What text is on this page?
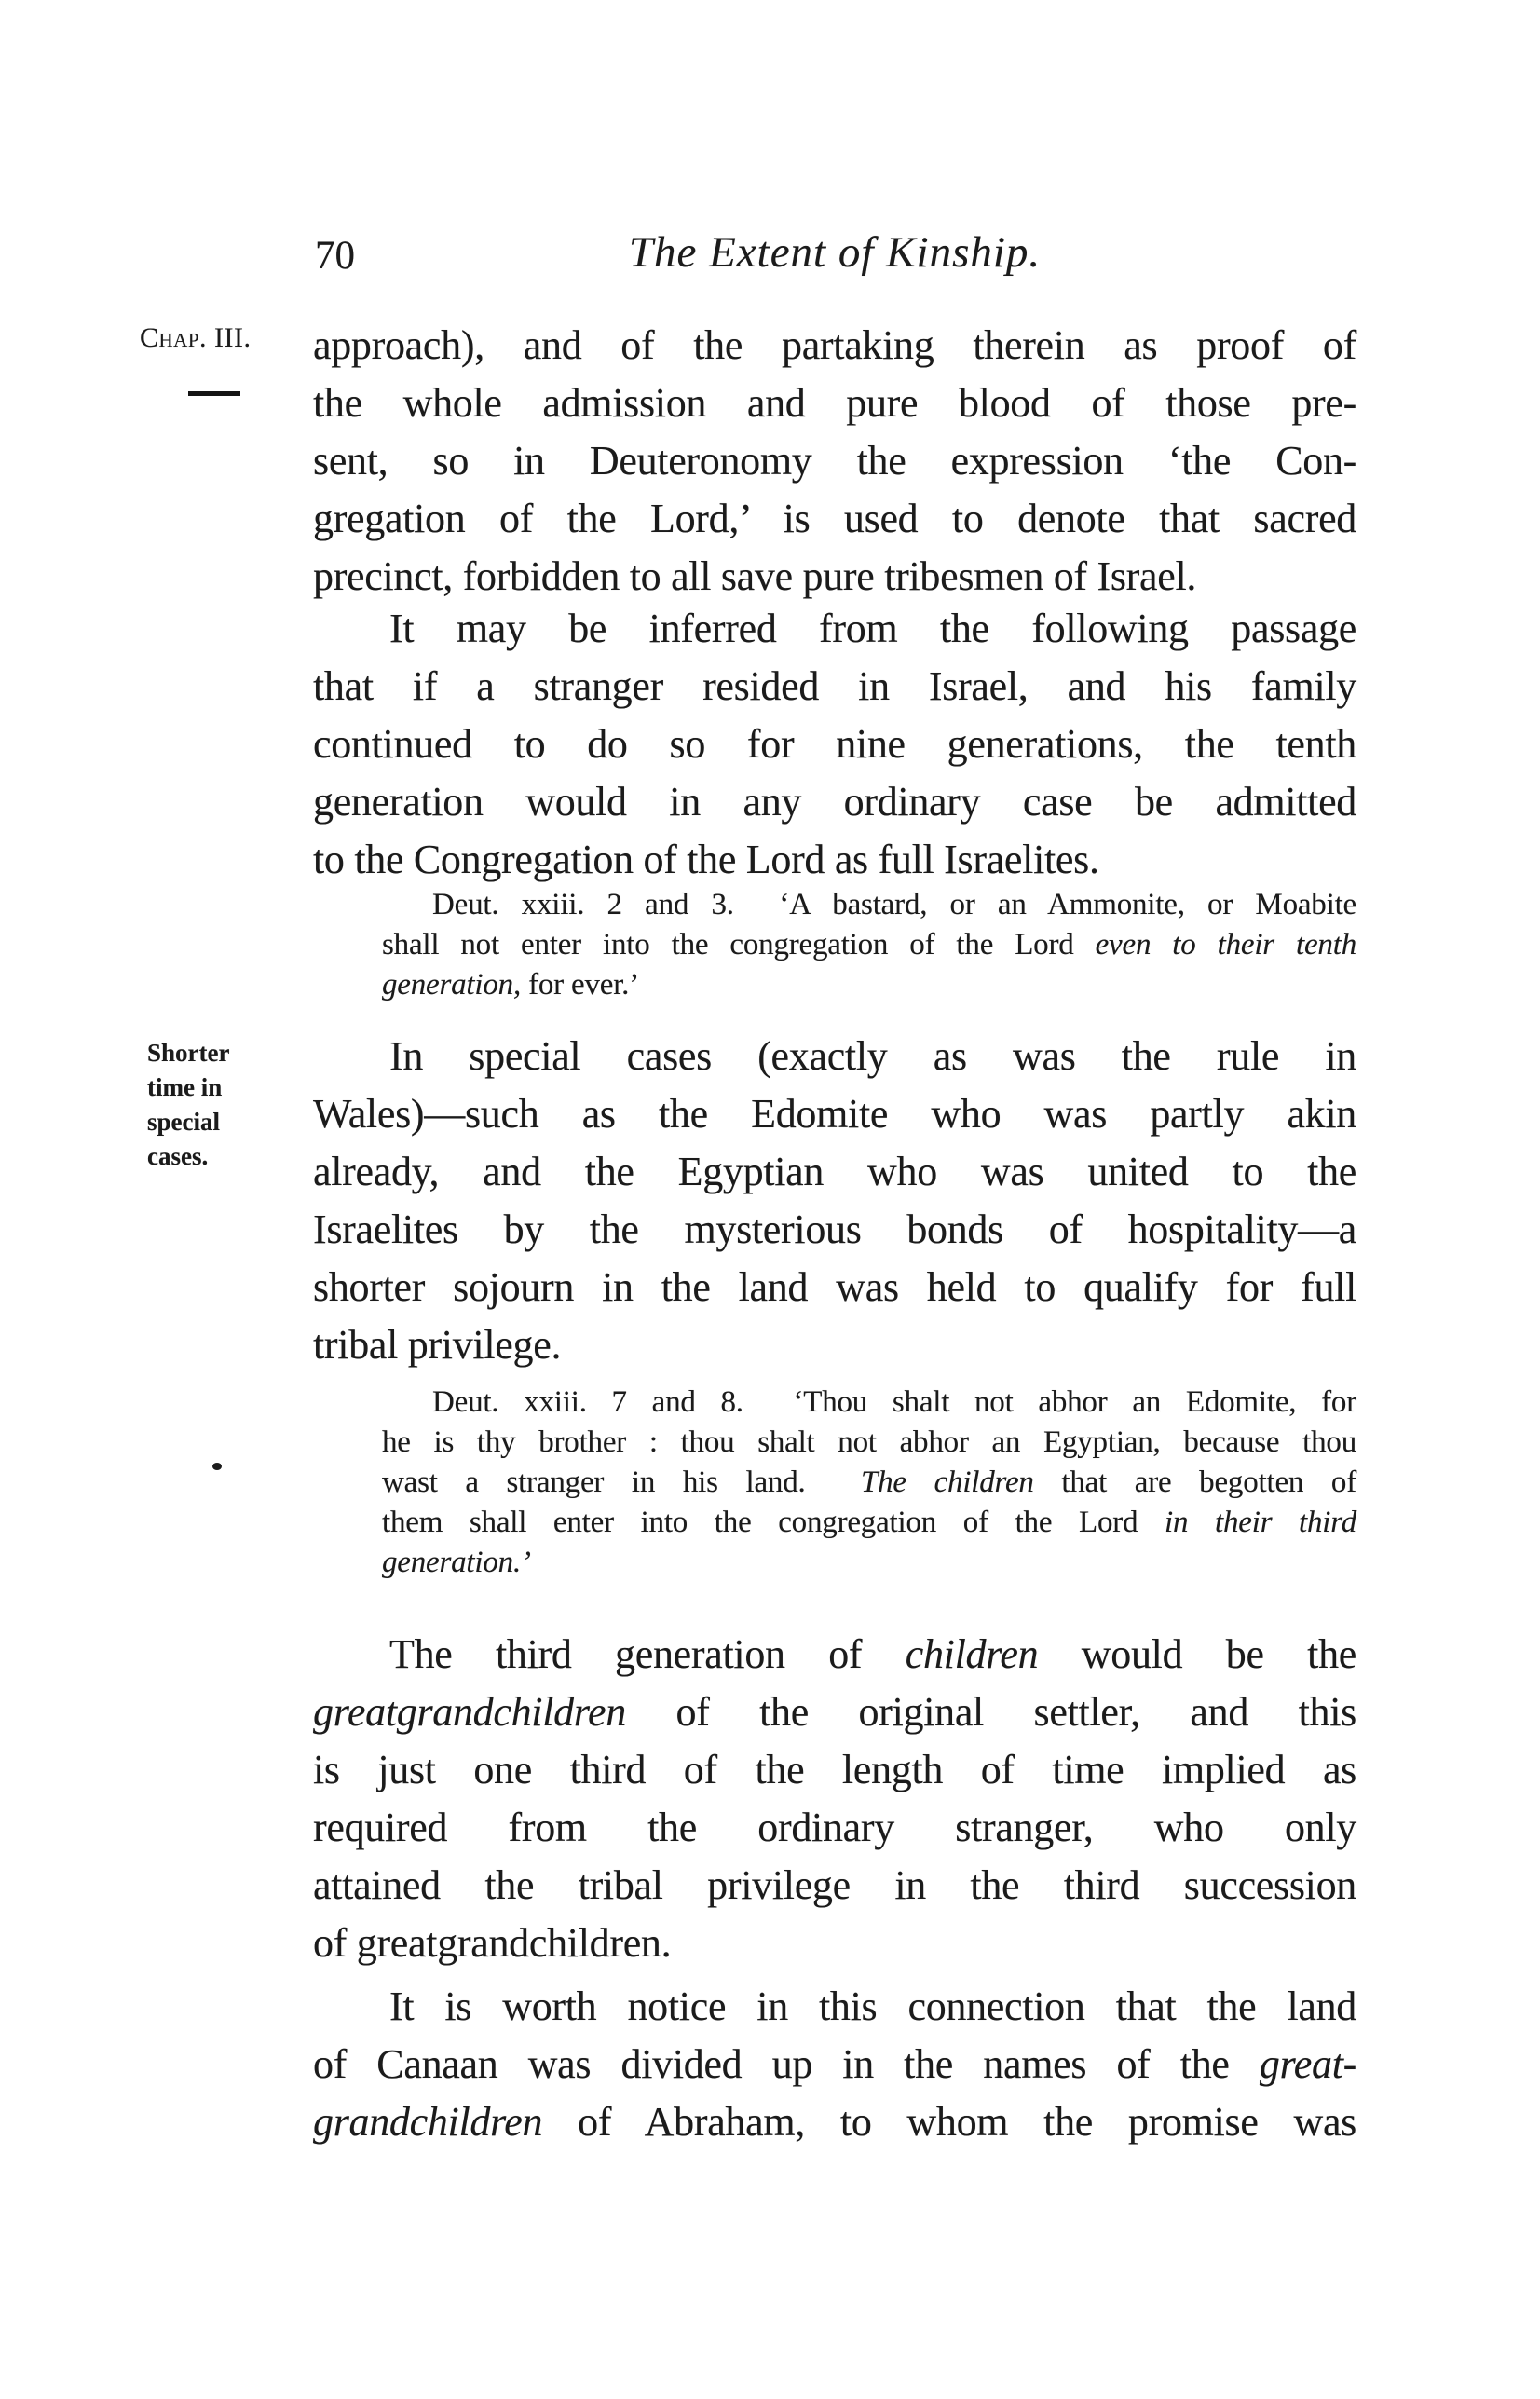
70	The Extent of Kinship.
Chap. III.
Shorter
time in
special
cases.
approach), and of the partaking therein as proof of
the whole admission and pure blood of those pre-
sent, so in Deuteronomy the expression ‘the Con-
gregation of the Lord,’ is used to denote that sacred
precinct, forbidden to all save pure tribesmen of Israel.
It may be inferred from the following passage
that if a stranger resided in Israel, and his family
continued to do so for nine generations, the tenth
generation would in any ordinary case be admitted
to the Congregation of the Lord as full Israelites.
Deut. xxiii. 2 and 3.  ‘A bastard, or an Ammonite, or Moabite
shall not enter into the congregation of the Lord even to their tenth
generation, for ever.’
In special cases (exactly as was the rule in
Wales)—such as the Edomite who was partly akin
already, and the Egyptian who was united to the
Israelites by the mysterious bonds of hospitality—a
shorter sojourn in the land was held to qualify for full
tribal privilege.
Deut. xxiii. 7 and 8.  ‘Thou shalt not abhor an Edomite, for
he is thy brother : thou shalt not abhor an Egyptian, because thou
wast a stranger in his land.  The children that are begotten of
them shall enter into the congregation of the Lord in their third
generation.’
The third generation of children would be the
greatgrandchildren of the original settler, and this
is just one third of the length of time implied as
required from the ordinary stranger, who only
attained the tribal privilege in the third succession
of greatgrandchildren.
It is worth notice in this connection that the land
of Canaan was divided up in the names of the great-
grandchildren of Abraham, to whom the promise was
